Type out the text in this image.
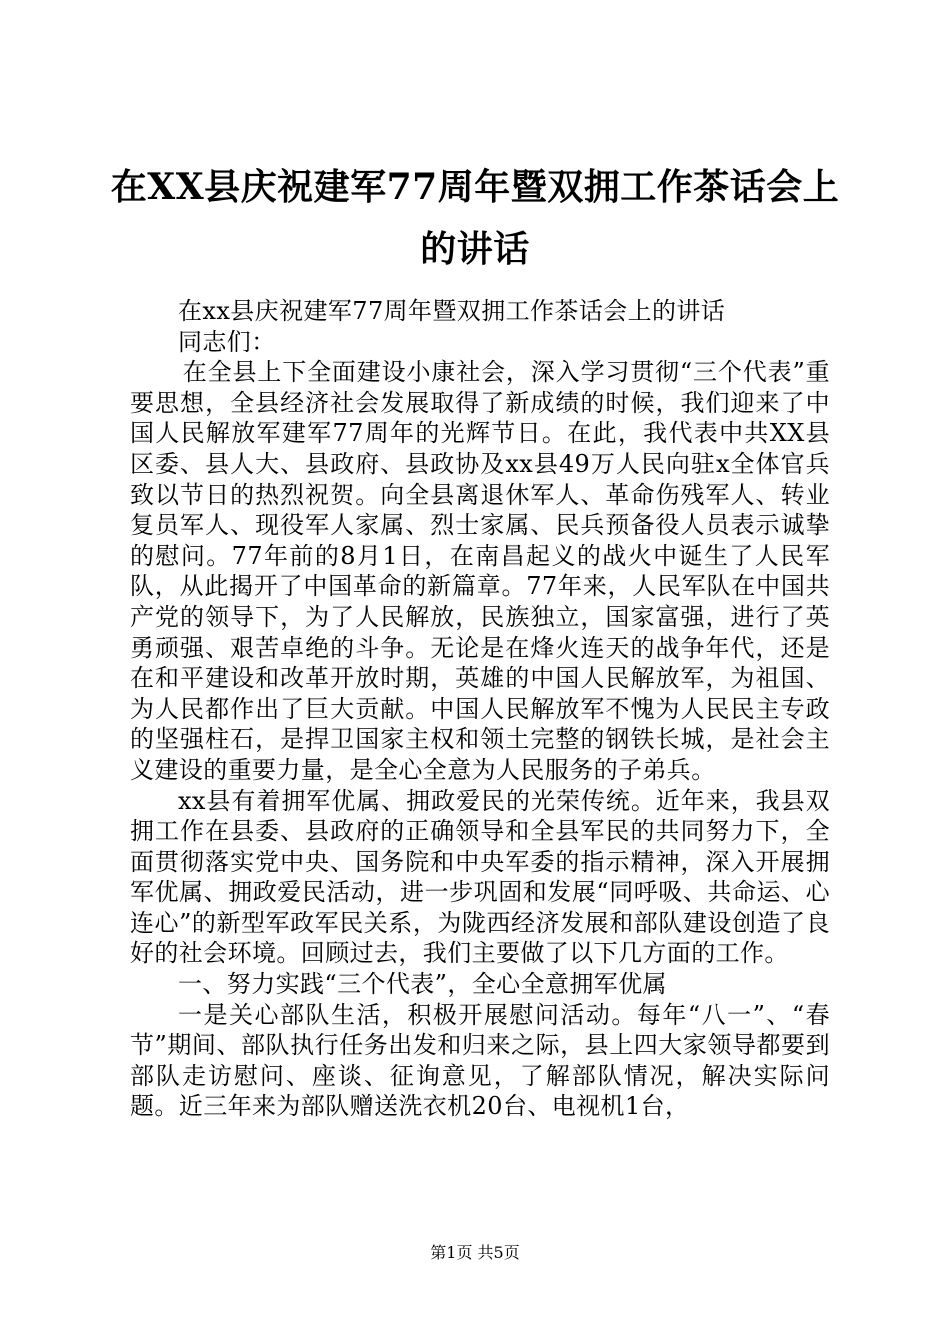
在XX县庆祝建军77周年暨双拥工作茶话会上
的讲话

在xx县庆祝建军77周年暨双拥工作茶话会上的讲话

同志们：

在全县上下全面建设小康社会，深入学习贯彻“三个代表”重要思想，全县经济社会发展取得了新成绩的时候，我们迎来了中国人民解放军建军77周年的光辉节日。在此，我代表中共XX县区委、县人大、县政府、县政协及xx县49万人民向驻x全体官兵致以节日的热烈祝贺。向全县离退休军人、革命伤残军人、转业复员军人、现役军人家属、烈士家属、民兵预备役人员表示诚挚的慰问。77年前的8月1日，在南昌起义的战火中诞生了人民军队，从此揭开了中国革命的新篇章。77年来，人民军队在中国共产党的领导下，为了人民解放，民族独立，国家富强，进行了英勇顽强、艰苦卓绝的斗争。无论是在烽火连天的战争年代，还是在和平建设和改革开放时期，英雄的中国人民解放军，为祖国、为人民都作出了巨大贡献。中国人民解放军不愧为人民民主专政的坚强柱石，是捍卫国家主权和领土完整的钢铁长城，是社会主义建设的重要力量，是全心全意为人民服务的子弟兵。

xx县有着拥军优属、拥政爱民的光荣传统。近年来，我县双拥工作在县委、县政府的正确领导和全县军民的共同努力下，全面贯彻落实党中央、国务院和中央军委的指示精神，深入开展拥军优属、拥政爱民活动，进一步巩固和发展“同呼吸、共命运、心连心”的新型军政军民关系，为陇西经济发展和部队建设创造了良好的社会环境。回顾过去，我们主要做了以下几方面的工作。

一、努力实践“三个代表”，全心全意拥军优属

一是关心部队生活，积极开展慰问活动。每年“八一”、“春节”期间、部队执行任务出发和归来之际，县上四大家领导都要到部队走访慰问、座谈、征询意见，了解部队情况，解决实际问题。近三年来为部队赠送洗衣机20台、电视机1台，

第1页 共5页
